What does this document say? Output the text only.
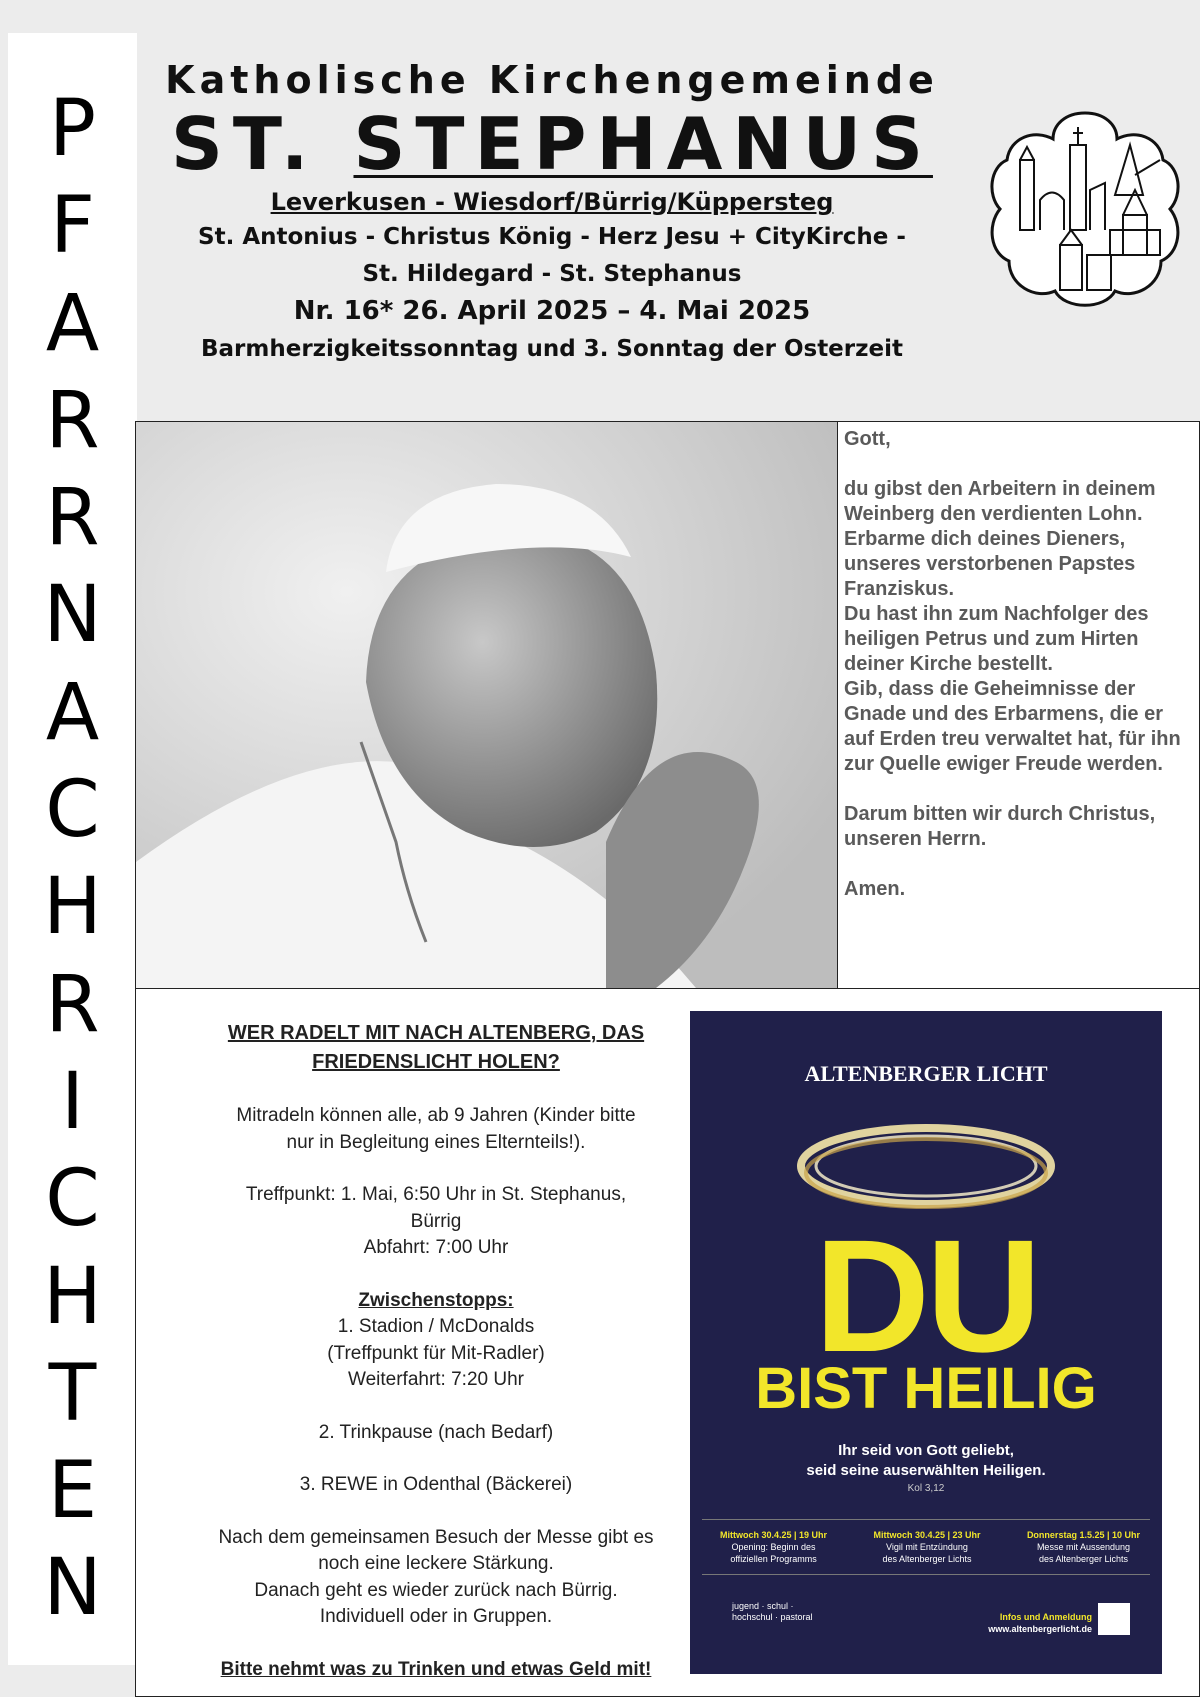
P
F
A
R
R
N
A
C
H
R
I
C
H
T
E
N
Katholische Kirchengemeinde
ST. STEPHANUS
Leverkusen - Wiesdorf/Bürrig/Küppersteg
St. Antonius - Christus König - Herz Jesu + CityKirche -
St. Hildegard - St. Stephanus
Nr. 16* 26. April 2025 – 4. Mai 2025
Barmherzigkeitssonntag und 3. Sonntag der Osterzeit

Gott,

du gibst den Arbeitern in deinem Weinberg den verdienten Lohn.

Erbarme dich deines Dieners, unseres verstorbenen Papstes Franziskus.

Du hast ihn zum Nachfolger des heiligen Petrus und zum Hirten deiner Kirche bestellt.

Gib, dass die Geheimnisse der Gnade und des Erbarmens, die er auf Erden treu verwaltet hat, für ihn zur Quelle ewiger Freude werden.

Darum bitten wir durch Christus, unseren Herrn.

Amen.

WER RADELT MIT NACH ALTENBERG, DAS

FRIEDENSLICHT HOLEN?

Mitradeln können alle, ab 9 Jahren (Kinder bitte

nur in Begleitung eines Elternteils!).

Treffpunkt: 1. Mai, 6:50 Uhr in St. Stephanus,

Bürrig

Abfahrt: 7:00 Uhr

Zwischenstopps:

1. Stadion / McDonalds

(Treffpunkt für Mit-Radler)

Weiterfahrt: 7:20 Uhr

2. Trinkpause (nach Bedarf)

3. REWE in Odenthal (Bäckerei)

Nach dem gemeinsamen Besuch der Messe gibt es

noch eine leckere Stärkung.

Danach geht es wieder zurück nach Bürrig.

Individuell oder in Gruppen.

Bitte nehmt was zu Trinken und etwas Geld mit!

ALTENBERGER LICHT
DU
BIST HEILIG
Ihr seid von Gott geliebt,
seid seine auserwählten Heiligen.
Kol 3,12
Mittwoch 30.4.25 | 19 Uhr
Opening: Beginn des
offiziellen Programms
Mittwoch 30.4.25 | 23 Uhr
Vigil mit Entzündung
des Altenberger Lichts
Donnerstag 1.5.25 | 10 Uhr
Messe mit Aussendung
des Altenberger Lichts
jugend · schul ·
hochschul · pastoral	Infos und Anmeldung
www.altenbergerlicht.de
